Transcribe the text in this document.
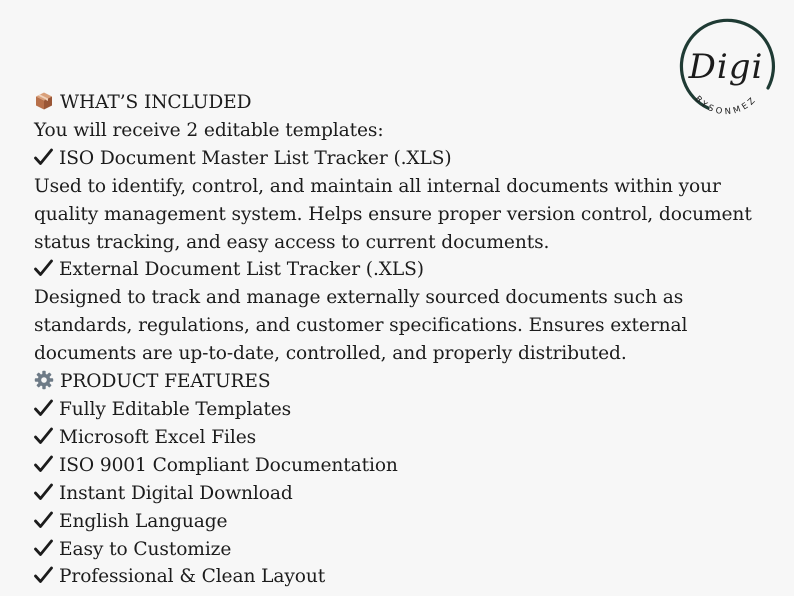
Digi
BYSONMEZ
WHAT’S INCLUDED
You will receive 2 editable templates:
ISO Document Master List Tracker (.XLS)
Used to identify, control, and maintain all internal documents within your
quality management system. Helps ensure proper version control, document
status tracking, and easy access to current documents.
External Document List Tracker (.XLS)
Designed to track and manage externally sourced documents such as
standards, regulations, and customer specifications. Ensures external
documents are up-to-date, controlled, and properly distributed.
PRODUCT FEATURES
Fully Editable Templates
Microsoft Excel Files
ISO 9001 Compliant Documentation
Instant Digital Download
English Language
Easy to Customize
Professional & Clean Layout
